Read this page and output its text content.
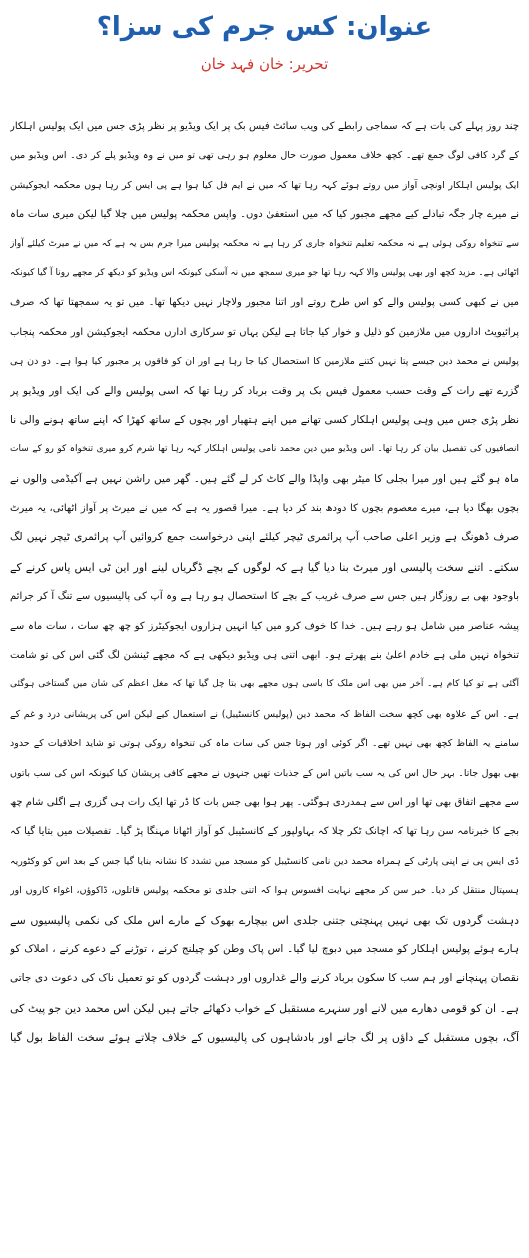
عنوان: کس جرم کی سزا؟
تحریر: خان فہد خان
چند روز پہلے کی بات ہے کہ سماجی رابطے کی ویب سائٹ فیس بک پر ایک ویڈیو پر نظر پڑی جس میں ایک پولیس اہلکار
کے گرد کافی لوگ جمع تھے۔ کچھ خلاف معمول صورت حال معلوم ہو رہی تھی تو میں نے وہ ویڈیو پلے کر دی۔ اس ویڈیو میں
ایک پولیس اہلکار اونچی آواز میں روتے ہوئے کہہ رہا تھا کہ میں نے ایم فل کیا ہوا ہے پی ایس کر رہا ہوں محکمہ ایجوکیشن
نے میرے چار جگہ تبادلے کیے مجھے مجبور کیا کہ میں استعفیٰ دوں۔ واپس محکمہ پولیس میں چلا گیا لیکن میری سات ماہ
سے تنخواہ روکی ہوئی ہے نہ محکمہ تعلیم تنخواہ جاری کر رہا ہے نہ محکمہ پولیس میرا جرم بس یہ ہے کہ میں نے میرٹ کیلئے آواز
اٹھائی ہے۔ مزید کچھ اور بھی پولیس والا کہہ رہا تھا جو میری سمجھ میں نہ آسکی کیونکہ اس ویڈیو کو دیکھ کر مجھے رونا آ گیا کیونکہ
میں نے کبھی کسی پولیس والے کو اس طرح روتے اور اتنا مجبور ولاچار نہیں دیکھا تھا۔ میں تو یہ سمجھتا تھا کہ صرف
پرائیویٹ اداروں میں ملازمین کو ذلیل و خوار کیا جاتا ہے لیکن یہاں تو سرکاری ادارں محکمہ ایجوکیشن اور محکمہ پنجاب
پولیس نے محمد دین جیسے پتا نہیں کتنے ملازمین کا استحصال کیا جا رہا ہے اور ان کو فاقوں پر مجبور کیا ہوا ہے۔ دو دن ہی
گزرے تھے رات کے وقت حسب معمول فیس بک پر وقت برباد کر رہا تھا کہ اسی پولیس والے کی ایک اور ویڈیو پر
نظر پڑی جس میں وہی پولیس اہلکار کسی تھانے میں اپنے ہتھیار اور بچوں کے ساتھ کھڑا کہ اپنے ساتھ ہونے والی نا
انصافیوں کی تفصیل بیان کر رہا تھا۔ اس ویڈیو میں دین محمد نامی پولیس اہلکار کہہ رہا تھا شرم کرو میری تنخواہ کو رو کے سات
ماہ ہو گئے ہیں اور میرا بجلی کا میٹر بھی واپڈا والے کاٹ کر لے گئے ہیں۔ گھر میں راشن نہیں ہے آکیڈمی والوں نے
بچوں بھگا دیا ہے، میرے معصوم بچوں کا دودھ بند کر دیا ہے۔ میرا قصور یہ ہے کہ میں نے میرٹ پر آواز اٹھائی، یہ میرٹ
صرف ڈھونگ ہے وزیر اعلی صاحب آپ پرائمری ٹیچر کیلئے اپنی درخواست جمع کروائیں آپ پرائمری ٹیچر نہیں لگ
سکتے۔ اتنے سخت پالیسی اور میرٹ بنا دیا گیا ہے کہ لوگوں کے بچے ڈگریاں لینے اور این ٹی ایس پاس کرنے کے
باوجود بھی بے روزگار ہیں جس سے صرف غریب کے بچے کا استحصال ہو رہا ہے وہ آپ کی پالیسیوں سے تنگ آ کر جرائم
پیشہ عناصر میں شامل ہو رہے ہیں۔ خدا کا خوف کرو میں کیا انہیں ہزاروں ایجوکیٹرز کو چھ چھ سات ، سات ماہ سے
تنخواہ نہیں ملی ہے خادم اعلیٰ بنے پھرتے ہو۔ ابھی اتنی ہی ویڈیو دیکھی ہے کہ مجھے ٹینشن لگ گئی اس کی تو شامت
آگئی ہے تو کیا کام ہے۔ آخر میں بھی اس ملک کا باسی ہوں مجھے بھی بتا چل گیا تھا کہ مغل اعظم کی شان میں گستاخی ہوگئی
ہے۔ اس کے علاوہ بھی کچھ سخت الفاظ کہ محمد دین (پولیس کانسٹیبل) نے استعمال کیے لیکن اس کی پریشانی درد و غم کے
سامنے یہ الفاظ کچھ بھی نہیں تھے۔ اگر کوئی اور ہوتا جس کی سات ماہ کی تنخواہ روکی ہوتی تو شاید اخلاقیات کے حدود
بھی بھول جاتا۔ بہر حال اس کی یہ سب باتیں اس کے جذبات تھیں جنہوں نے مجھے کافی پریشان کیا کیونکہ اس کی سب باتوں
سے مجھے اتفاق بھی تھا اور اس سے ہمدردی ہوگئی۔ پھر ہوا بھی جس بات کا ڈر تھا ایک رات ہی گزری ہے اگلی شام چھ
بجے کا خبرنامہ سن رہا تھا کہ اچانک ٹکر چلا کہ بہاولپور کے کانسٹیبل کو آواز اٹھانا مہنگا پڑ گیا۔ تفصیلات میں بتایا گیا کہ
ڈی ایس پی نے اپنی پارٹی کے ہمراہ محمد دین نامی کانسٹیبل کو مسجد میں تشدد کا نشانہ بنایا گیا جس کے بعد اس کو وکٹوریہ
ہسپتال منتقل کر دیا۔ خبر سن کر مجھے نہایت افسوس ہوا کہ اتنی جلدی تو محکمہ پولیس قاتلوں، ڈاکوؤں، اغواء کاروں اور
دہشت گردوں تک بھی نہیں پہنچتی جتنی جلدی اس بیچارے بھوک کے مارے اس ملک کی نکمی پالیسیوں سے
ہارے ہوئے پولیس اہلکار کو مسجد میں دبوچ لیا گیا۔ اس پاک وطن کو چیلنج کرنے ، توڑنے کے دعوے کرنے ، املاک کو
نقصان پہنچانے اور ہم سب کا سکون برباد کرنے والے غداروں اور دہشت گردوں کو تو تعمیل ناک کی دعوت دی جاتی
ہے۔ ان کو قومی دھارے میں لانے اور سنہرے مستقبل کے خواب دکھائے جاتے ہیں لیکن اس محمد دین جو پیٹ کی
آگ، بچوں مستقبل کے داؤں پر لگ جانے اور بادشاہوں کی پالیسیوں کے خلاف چلاتے ہوئے سخت الفاظ بول گیا
